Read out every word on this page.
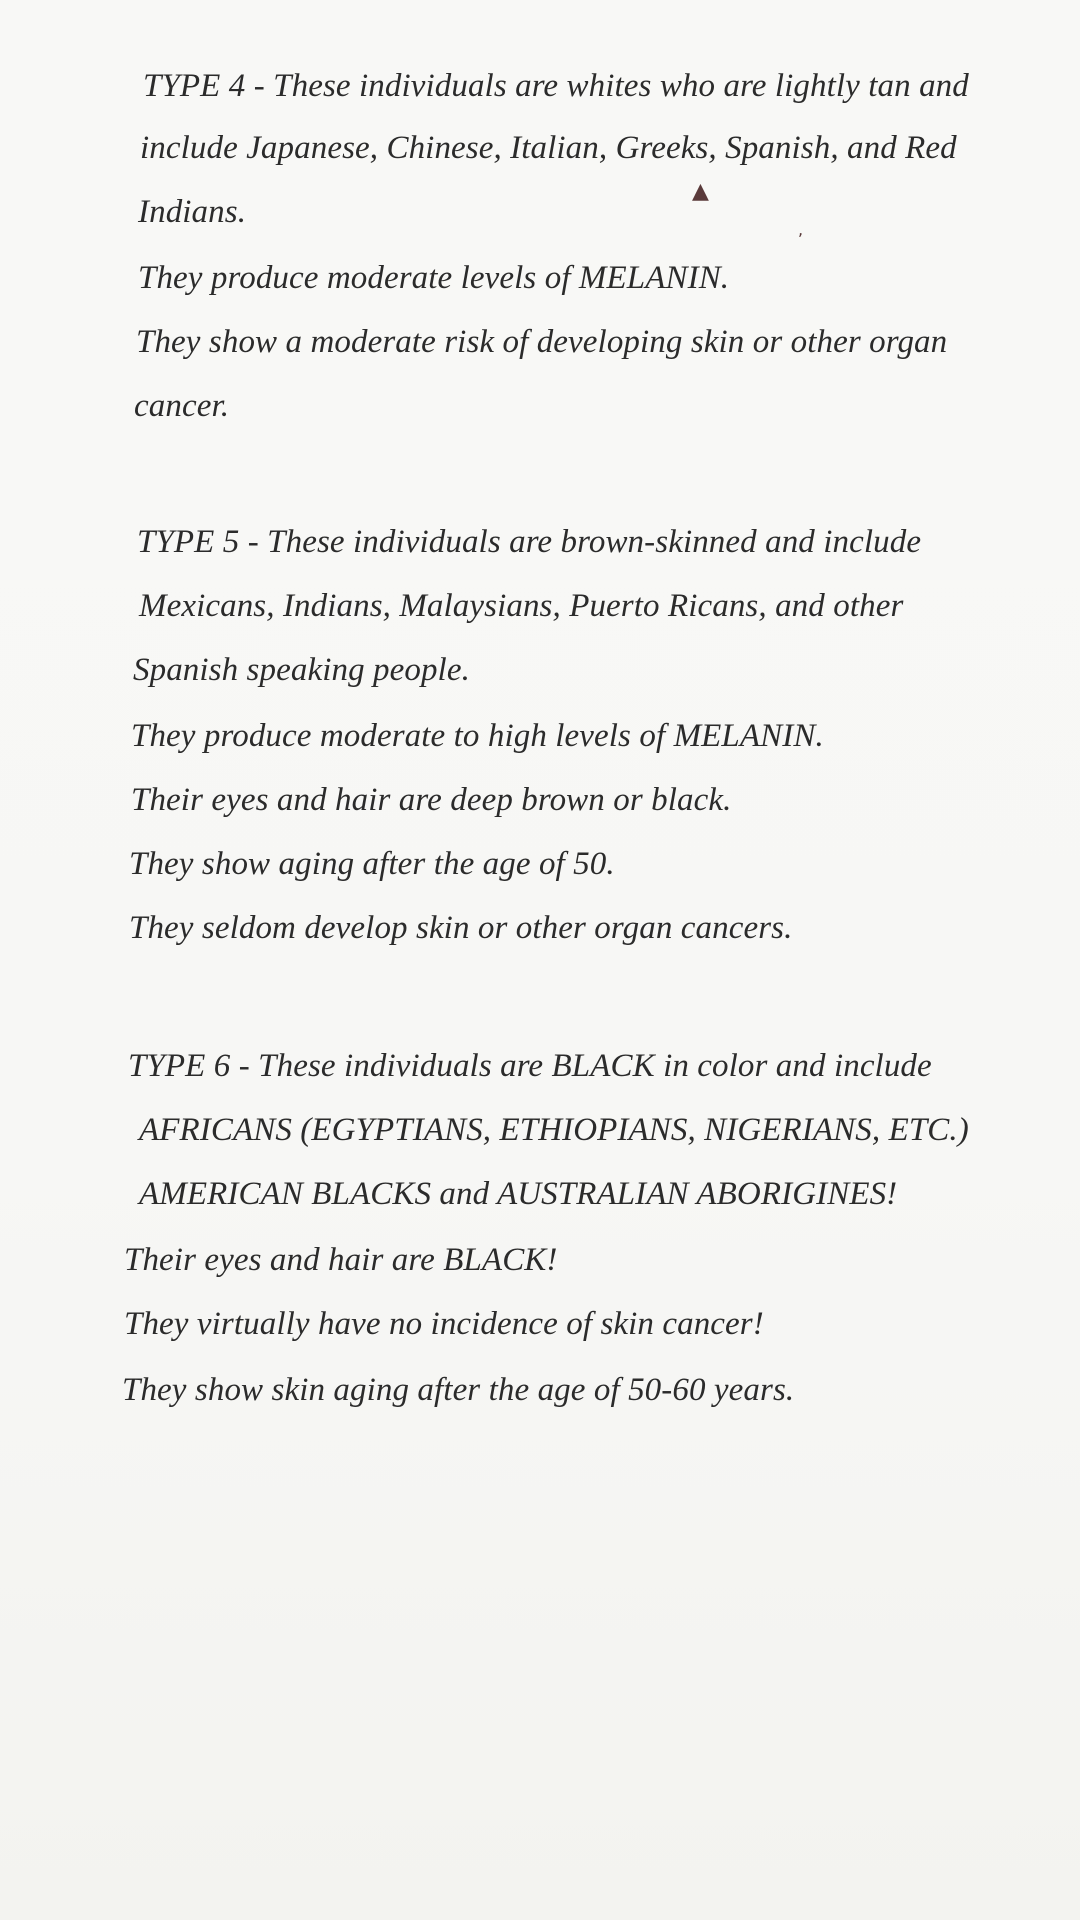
TYPE 4 - These individuals are whites who are lightly tan and
include Japanese, Chinese, Italian, Greeks, Spanish, and Red
Indians.
▲
,
They produce moderate levels of MELANIN.
They show a moderate risk of developing skin or other organ
cancer.
TYPE 5 - These individuals are brown-skinned and include
Mexicans, Indians, Malaysians, Puerto Ricans, and other
Spanish speaking people.
They produce moderate to high levels of MELANIN.
Their eyes and hair are deep brown or black.
They show aging after the age of 50.
They seldom develop skin or other organ cancers.
TYPE 6 - These individuals are BLACK in color and include
AFRICANS (EGYPTIANS, ETHIOPIANS, NIGERIANS, ETC.)
AMERICAN BLACKS and AUSTRALIAN ABORIGINES!
Their eyes and hair are BLACK!
They virtually have no incidence of skin cancer!
They show skin aging after the age of 50-60 years.
